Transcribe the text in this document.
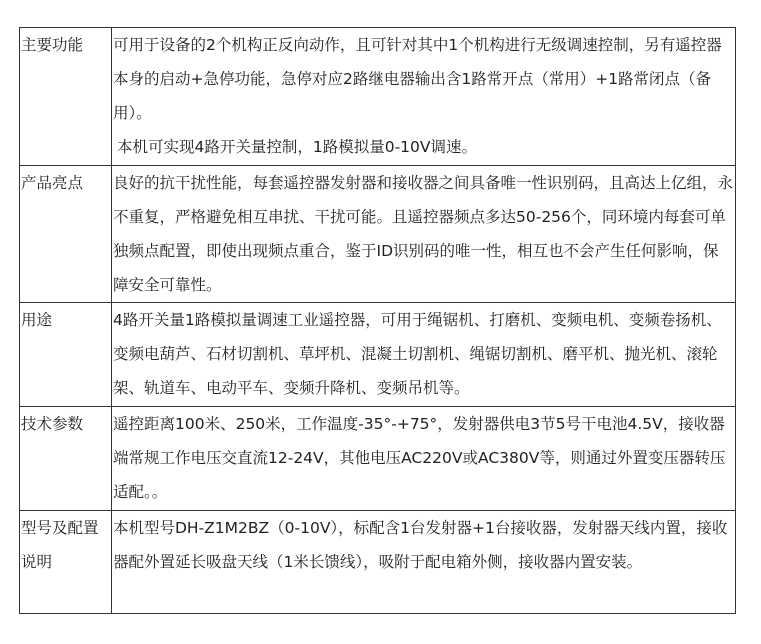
主要功能	可用于设备的2个机构正反向动作，且可针对其中1个机构进行无级调速控制，另有遥控器本身的启动+急停功能，急停对应2路继电器输出含1路常开点（常用）+1路常闭点（备用）。
本机可实现4路开关量控制，1路模拟量0-10V调速。

产品亮点	良好的抗干扰性能，每套遥控器发射器和接收器之间具备唯一性识别码，且高达上亿组，永不重复，严格避免相互串扰、干扰可能。且遥控器频点多达50-256个，同环境内每套可单独频点配置，即使出现频点重合，鉴于ID识别码的唯一性，相互也不会产生任何影响，保障安全可靠性。

用途	4路开关量1路模拟量调速工业遥控器，可用于绳锯机、打磨机、变频电机、变频卷扬机、变频电葫芦、石材切割机、草坪机、混凝土切割机、绳锯切割机、磨平机、抛光机、滚轮架、轨道车、电动平车、变频升降机、变频吊机等。

技术参数	遥控距离100米、250米，工作温度-35°-+75°，发射器供电3节5号干电池4.5V，接收器端常规工作电压交直流12-24V，其他电压AC220V或AC380V等，则通过外置变压器转压适配。。

型号及配置说明	本机型号DH-Z1M2BZ（0-10V），标配含1台发射器+1台接收器，发射器天线内置，接收器配外置延长吸盘天线（1米长馈线），吸附于配电箱外侧，接收器内置安装。
